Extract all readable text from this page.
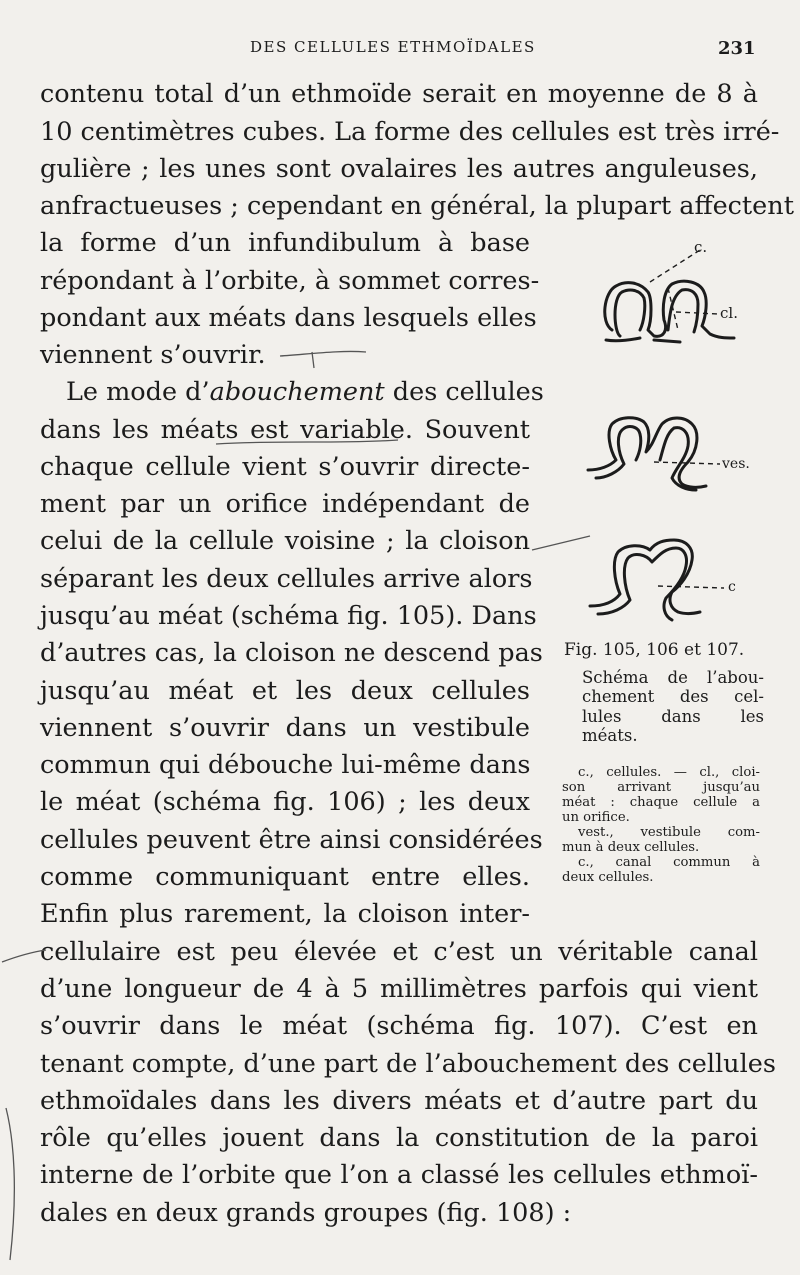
DES CELLULES ETHMOÏDALES	231
contenu total d’un ethmoïde serait en moyenne de 8 à
10 centimètres cubes. La forme des cellules est très irré-
gulière ; les unes sont ovalaires les autres anguleuses,
anfractueuses ; cependant en général, la plupart affectent
la forme d’un infundibulum à base
répondant à l’orbite, à sommet corres-
pondant aux méats dans lesquels elles
viennent s’ouvrir.
Le mode d’abouchement des cellules
dans les méats est variable. Souvent
chaque cellule vient s’ouvrir directe-
ment par un orifice indépendant de
celui de la cellule voisine ; la cloison
séparant les deux cellules arrive alors
jusqu’au méat (schéma fig. 105). Dans
d’autres cas, la cloison ne descend pas
jusqu’au méat et les deux cellules
viennent s’ouvrir dans un vestibule
commun qui débouche lui-même dans
le méat (schéma fig. 106) ; les deux
cellules peuvent être ainsi considérées
comme communiquant entre elles.
Enfin plus rarement, la cloison inter-
cellulaire est peu élevée et c’est un véritable canal
d’une longueur de 4 à 5 millimètres parfois qui vient
s’ouvrir dans le méat (schéma fig. 107). C’est en
tenant compte, d’une part de l’abouchement des cellules
ethmoïdales dans les divers méats et d’autre part du
rôle qu’elles jouent dans la constitution de la paroi
interne de l’orbite que l’on a classé les cellules ethmoï-
dales en deux grands groupes (fig. 108) :
c.
cl.
ves.
c
Fig. 105, 106 et 107.
Schéma de l’abou-
chement des cel-
lules dans les
méats.
c., cellules. — cl., cloi-
son arrivant jusqu’au
méat : chaque cellule a
un orifice.
vest., vestibule com-
mun à deux cellules.
c., canal commun à
deux cellules.
